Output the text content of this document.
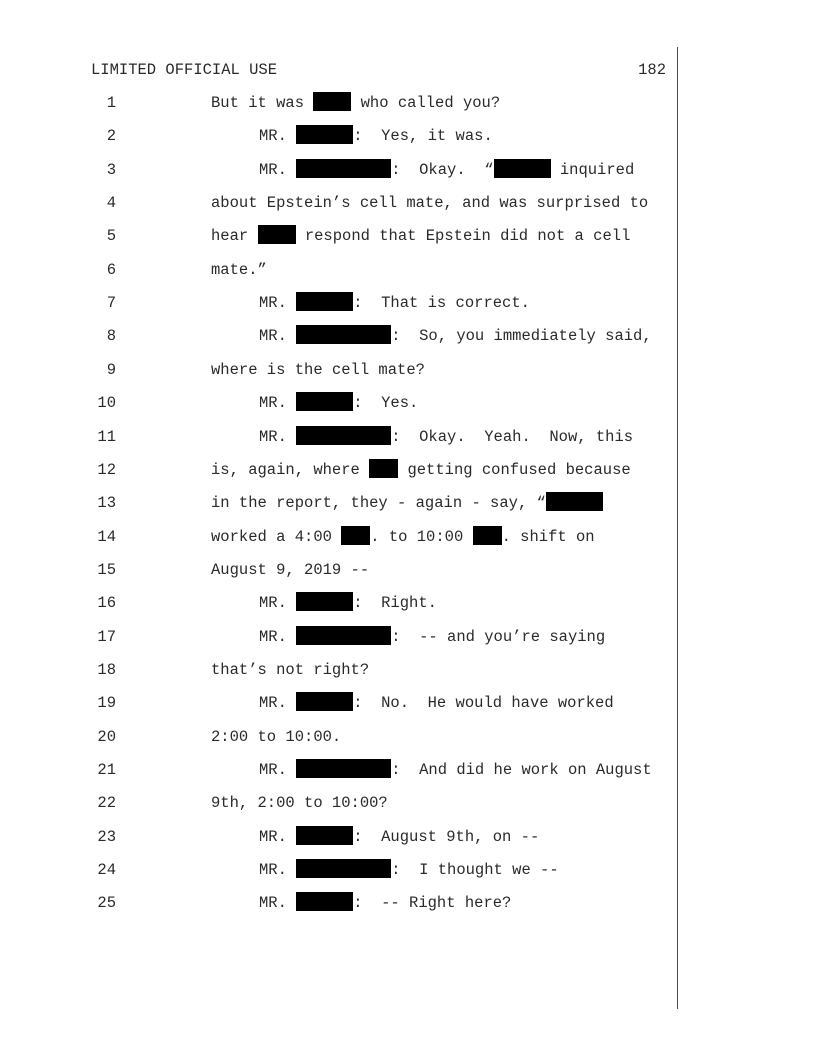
LIMITED OFFICIAL USE	182
1	But it was  who called you?
2	MR.	:  Yes, it was.
3	MR.	:  Okay.  “	inquired
4	about Epstein’s cell mate, and was surprised to
5	hear  respond that Epstein did not a cell
6	mate.”
7	MR.	:  That is correct.
8	MR.	:  So, you immediately said,
9	where is the cell mate?
10	MR.	:  Yes.
11	MR.	:  Okay.  Yeah.  Now, this
12	is, again, where  getting confused because
13	in the report, they - again - say, “
14	worked a 4:00 . to 10:00 . shift on
15	August 9, 2019 --
16	MR.	:  Right.
17	MR.	:  -- and you’re saying
18	that’s not right?
19	MR.	:  No.  He would have worked
20	2:00 to 10:00.
21	MR.	:  And did he work on August
22	9th, 2:00 to 10:00?
23	MR.	:  August 9th, on --
24	MR.	:  I thought we --
25	MR.	:  -- Right here?
